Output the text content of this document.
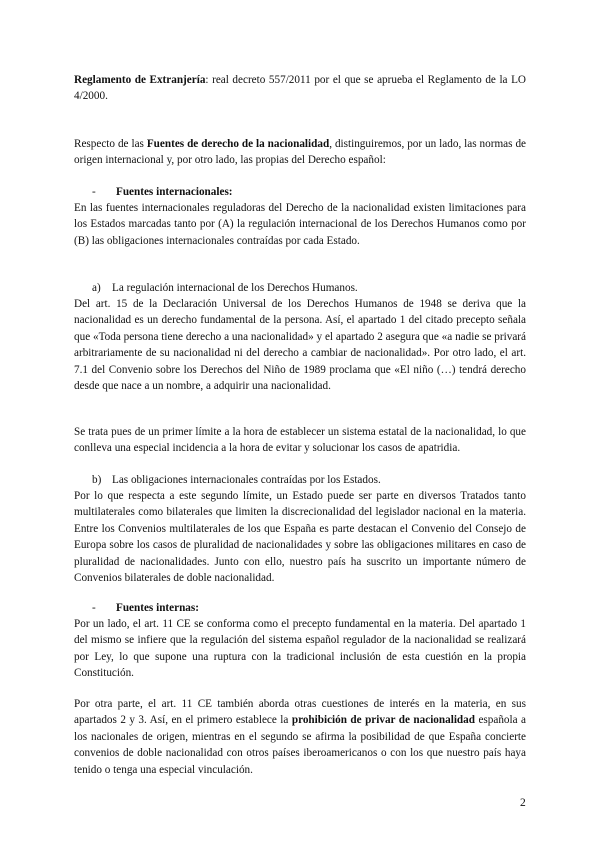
Reglamento de Extranjería: real decreto 557/2011 por el que se aprueba el Reglamento de la LO 4/2000.
Respecto de las Fuentes de derecho de la nacionalidad, distinguiremos, por un lado, las normas de origen internacional y, por otro lado, las propias del Derecho español:
- Fuentes internacionales:
En las fuentes internacionales reguladoras del Derecho de la nacionalidad existen limitaciones para los Estados marcadas tanto por (A) la regulación internacional de los Derechos Humanos como por (B) las obligaciones internacionales contraídas por cada Estado.
a) La regulación internacional de los Derechos Humanos.
Del art. 15 de la Declaración Universal de los Derechos Humanos de 1948 se deriva que la nacionalidad es un derecho fundamental de la persona. Así, el apartado 1 del citado precepto señala que «Toda persona tiene derecho a una nacionalidad» y el apartado 2 asegura que «a nadie se privará arbitrariamente de su nacionalidad ni del derecho a cambiar de nacionalidad». Por otro lado, el art. 7.1 del Convenio sobre los Derechos del Niño de 1989 proclama que «El niño (…) tendrá derecho desde que nace a un nombre, a adquirir una nacionalidad.
Se trata pues de un primer límite a la hora de establecer un sistema estatal de la nacionalidad, lo que conlleva una especial incidencia a la hora de evitar y solucionar los casos de apatridia.
b) Las obligaciones internacionales contraídas por los Estados.
Por lo que respecta a este segundo límite, un Estado puede ser parte en diversos Tratados tanto multilaterales como bilaterales que limiten la discrecionalidad del legislador nacional en la materia. Entre los Convenios multilaterales de los que España es parte destacan el Convenio del Consejo de Europa sobre los casos de pluralidad de nacionalidades y sobre las obligaciones militares en caso de pluralidad de nacionalidades. Junto con ello, nuestro país ha suscrito un importante número de Convenios bilaterales de doble nacionalidad.
- Fuentes internas:
Por un lado, el art. 11 CE se conforma como el precepto fundamental en la materia. Del apartado 1 del mismo se infiere que la regulación del sistema español regulador de la nacionalidad se realizará por Ley, lo que supone una ruptura con la tradicional inclusión de esta cuestión en la propia Constitución.
Por otra parte, el art. 11 CE también aborda otras cuestiones de interés en la materia, en sus apartados 2 y 3. Así, en el primero establece la prohibición de privar de nacionalidad española a los nacionales de origen, mientras en el segundo se afirma la posibilidad de que España concierte convenios de doble nacionalidad con otros países iberoamericanos o con los que nuestro país haya tenido o tenga una especial vinculación.
2
